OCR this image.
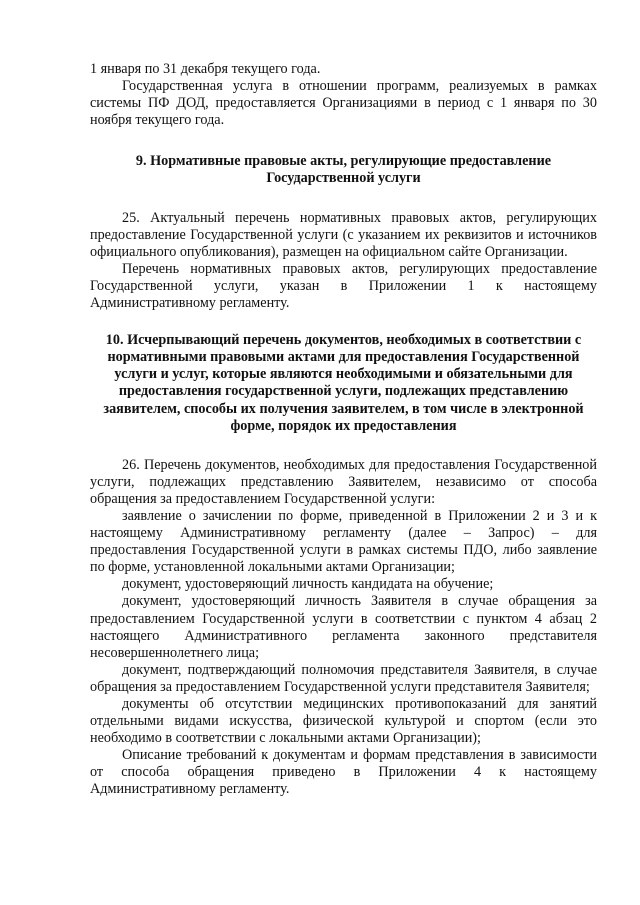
1 января по 31 декабря текущего года.

Государственная услуга в отношении программ, реализуемых в рамках системы ПФ ДОД, предоставляется Организациями в период с 1 января по 30 ноября текущего года.

9. Нормативные правовые акты, регулирующие предоставление
Государственной услуги

25. Актуальный перечень нормативных правовых актов, регулирующих предоставление Государственной услуги (с указанием их реквизитов и источников официального опубликования), размещен на официальном сайте Организации.

Перечень нормативных правовых актов, регулирующих предоставление Государственной услуги, указан в Приложении 1 к настоящему Административному регламенту.

10. Исчерпывающий перечень документов, необходимых в соответствии с нормативными правовыми актами для предоставления Государственной услуги и услуг, которые являются необходимыми и обязательными для предоставления государственной услуги, подлежащих представлению заявителем, способы их получения заявителем, в том числе в электронной форме, порядок их предоставления

26. Перечень документов, необходимых для предоставления Государственной услуги, подлежащих представлению Заявителем, независимо от способа обращения за предоставлением Государственной услуги:

заявление о зачислении по форме, приведенной в Приложении 2 и 3 и к настоящему Административному регламенту (далее – Запрос) – для предоставления Государственной услуги в рамках системы ПДО, либо заявление по форме, установленной локальными актами Организации;

документ, удостоверяющий личность кандидата на обучение;

документ, удостоверяющий личность Заявителя в случае обращения за предоставлением Государственной услуги в соответствии с пунктом 4 абзац 2 настоящего Административного регламента законного представителя несовершеннолетнего лица;

документ, подтверждающий полномочия представителя Заявителя, в случае обращения за предоставлением Государственной услуги представителя Заявителя;

документы об отсутствии медицинских противопоказаний для занятий отдельными видами искусства, физической культурой и спортом (если это необходимо в соответствии с локальными актами Организации);

Описание требований к документам и формам представления в зависимости от способа обращения приведено в Приложении 4 к настоящему Административному регламенту.
